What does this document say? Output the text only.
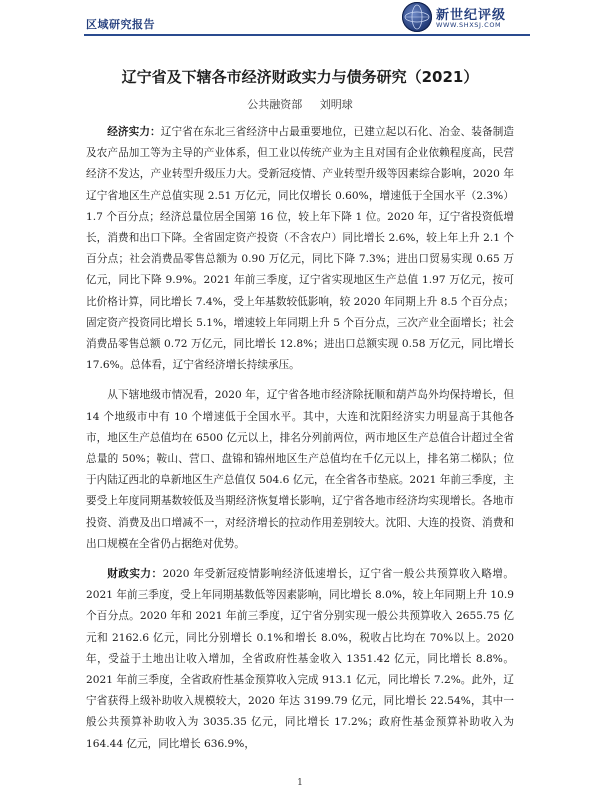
区域研究报告
新世纪评级
WWW.SHXSJ.COM
辽宁省及下辖各市经济财政实力与债务研究（2021）
公共融资部 刘明球

经济实力：辽宁省在东北三省经济中占最重要地位，已建立起以石化、冶金、装备制造及农产品加工等为主导的产业体系，但工业以传统产业为主且对国有企业依赖程度高，民营经济不发达，产业转型升级压力大。受新冠疫情、产业转型升级等因素综合影响，2020 年辽宁省地区生产总值实现 2.51 万亿元，同比仅增长 0.60%，增速低于全国水平（2.3%）1.7 个百分点；经济总量位居全国第 16 位，较上年下降 1 位。2020 年，辽宁省投资低增长，消费和出口下降。全省固定资产投资（不含农户）同比增长 2.6%，较上年上升 2.1 个百分点；社会消费品零售总额为 0.90 万亿元，同比下降 7.3%；进出口贸易实现 0.65 万亿元，同比下降 9.9%。2021 年前三季度，辽宁省实现地区生产总值 1.97 万亿元，按可比价格计算，同比增长 7.4%，受上年基数较低影响，较 2020 年同期上升 8.5 个百分点；固定资产投资同比增长 5.1%，增速较上年同期上升 5 个百分点，三次产业全面增长；社会消费品零售总额 0.72 万亿元，同比增长 12.8%；进出口总额实现 0.58 万亿元，同比增长 17.6%。总体看，辽宁省经济增长持续承压。

从下辖地级市情况看，2020 年，辽宁省各地市经济除抚顺和葫芦岛外均保持增长，但 14 个地级市中有 10 个增速低于全国水平。其中，大连和沈阳经济实力明显高于其他各市，地区生产总值均在 6500 亿元以上，排名分列前两位，两市地区生产总值合计超过全省总量的 50%；鞍山、营口、盘锦和锦州地区生产总值均在千亿元以上，排名第二梯队；位于内陆辽西北的阜新地区生产总值仅 504.6 亿元，在全省各市垫底。2021 年前三季度，主要受上年度同期基数较低及当期经济恢复增长影响，辽宁省各地市经济均实现增长。各地市投资、消费及出口增减不一，对经济增长的拉动作用差别较大。沈阳、大连的投资、消费和出口规模在全省仍占据绝对优势。

财政实力：2020 年受新冠疫情影响经济低速增长，辽宁省一般公共预算收入略增。2021 年前三季度，受上年同期基数低等因素影响，同比增长 8.0%，较上年同期上升 10.9 个百分点。2020 年和 2021 年前三季度，辽宁省分别实现一般公共预算收入 2655.75 亿元和 2162.6 亿元，同比分别增长 0.1%和增长 8.0%，税收占比均在 70%以上。2020 年，受益于土地出让收入增加，全省政府性基金收入 1351.42 亿元，同比增长 8.8%。2021 年前三季度，全省政府性基金预算收入完成 913.1 亿元，同比增长 7.2%。此外，辽宁省获得上级补助收入规模较大，2020 年达 3199.79 亿元，同比增长 22.54%，其中一般公共预算补助收入为 3035.35 亿元，同比增长 17.2%；政府性基金预算补助收入为 164.44 亿元，同比增长 636.9%，

1
